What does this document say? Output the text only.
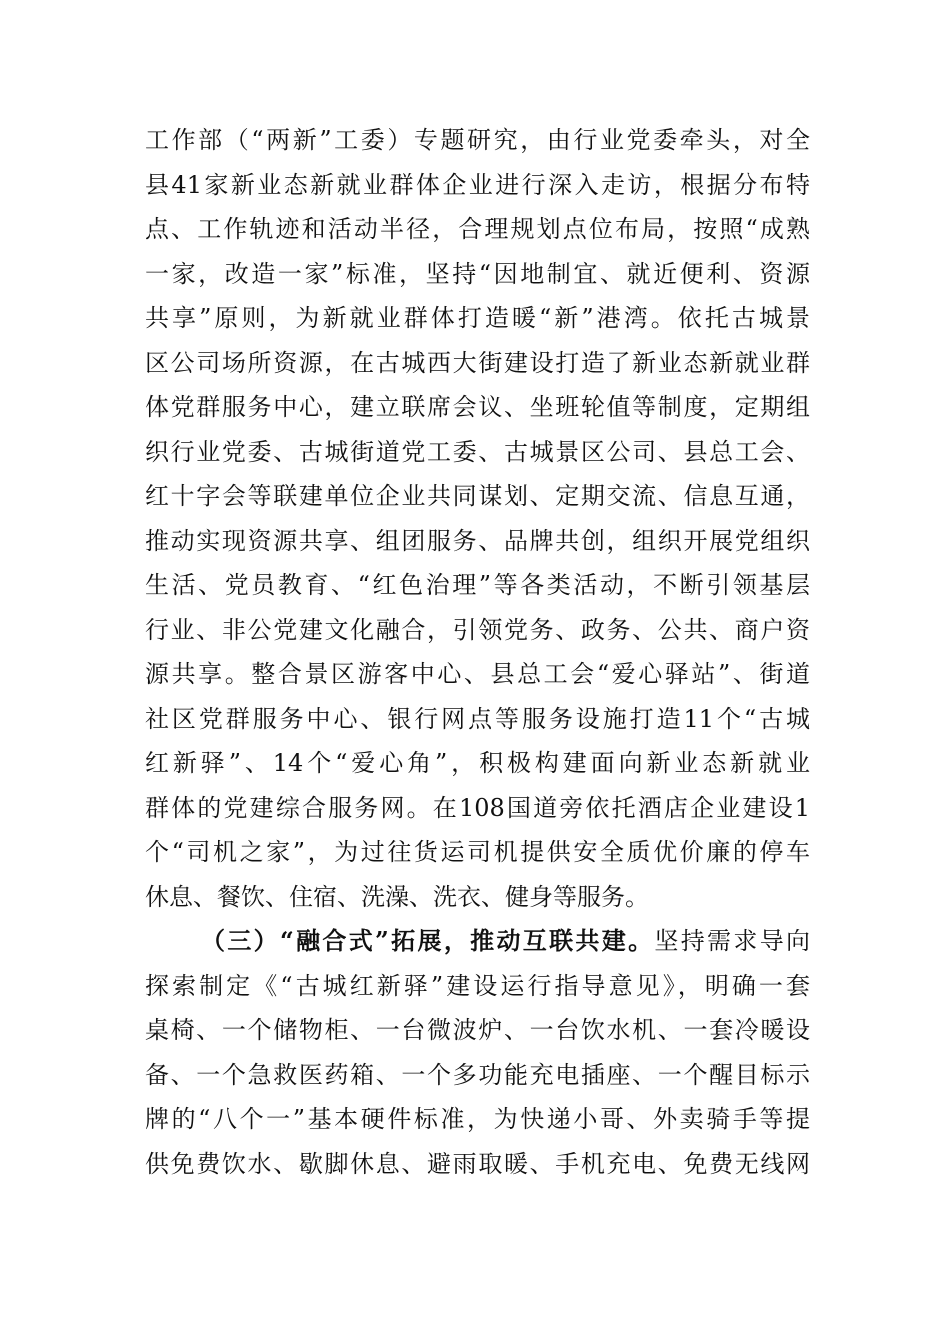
工作部（“两新”工委）专题研究，由行业党委牵头，对全
县41家新业态新就业群体企业进行深入走访，根据分布特
点、工作轨迹和活动半径，合理规划点位布局，按照“成熟
一家，改造一家”标准，坚持“因地制宜、就近便利、资源
共享”原则，为新就业群体打造暖“新”港湾。依托古城景
区公司场所资源，在古城西大街建设打造了新业态新就业群
体党群服务中心，建立联席会议、坐班轮值等制度，定期组
织行业党委、古城街道党工委、古城景区公司、县总工会、
红十字会等联建单位企业共同谋划、定期交流、信息互通，
推动实现资源共享、组团服务、品牌共创，组织开展党组织
生活、党员教育、“红色治理”等各类活动，不断引领基层
行业、非公党建文化融合，引领党务、政务、公共、商户资
源共享。整合景区游客中心、县总工会“爱心驿站”、街道
社区党群服务中心、银行网点等服务设施打造11个“古城
红新驿”、14个“爱心角”，积极构建面向新业态新就业
群体的党建综合服务网。在108国道旁依托酒店企业建设1
个“司机之家”，为过往货运司机提供安全质优价廉的停车
休息、餐饮、住宿、洗澡、洗衣、健身等服务。
（三）“融合式”拓展，推动互联共建。坚持需求导向
探索制定《“古城红新驿”建设运行指导意见》，明确一套
桌椅、一个储物柜、一台微波炉、一台饮水机、一套冷暖设
备、一个急救医药箱、一个多功能充电插座、一个醒目标示
牌的“八个一”基本硬件标准，为快递小哥、外卖骑手等提
供免费饮水、歇脚休息、避雨取暖、手机充电、免费无线网
